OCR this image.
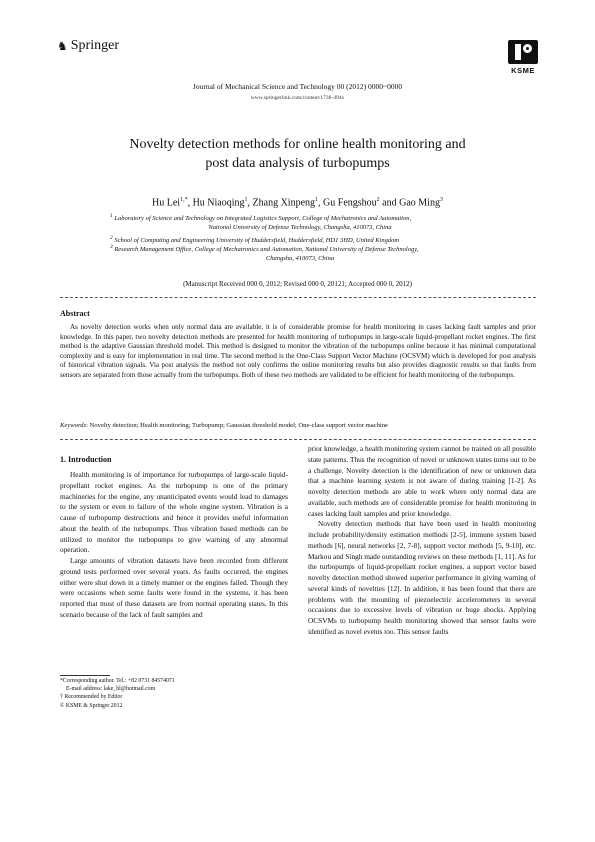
♞ Springer
KSME
Journal of Mechanical Science and Technology 00 (2012) 0000~0000
www.springerlink.com/content/1738-494x
Novelty detection methods for online health monitoring and
post data analysis of turbopumps
Hu Lei$^{1,*}$, Hu Niaoqing$^1$, Zhang Xinpeng$^1$, Gu Fengshou$^2$ and Gao Ming$^3$
$^1$ Laboratory of Science and Technology on Integrated Logistics Support, College of Mechatronics and Automation,
National University of Defense Technology, Changsha, 410073, China
$^2$ School of Computing and Engineering University of Huddersfield, Huddersfield, HD1 3HD, United Kingdom
$^3$ Research Management Office, College of Mechatronics and Automation, National University of Defense Technology,
Changsha, 410073, China
(Manuscript Received 000 0, 2012; Revised 000 0, 20121; Accepted 000 0, 2012)
Abstract
As novelty detection works when only normal data are available, it is of considerable promise for health monitoring in cases lacking fault samples and prior knowledge. In this paper, two novelty detection methods are presented for health monitoring of turbopumps in large-scale liquid-propellant rocket engines. The first method is the adaptive Gaussian threshold model. This method is designed to monitor the vibration of the turbopumps online because it has minimal computational complexity and is easy for implementation in real time. The second method is the One-Class Support Vector Machine (OCSVM) which is developed for post analysis of historical vibration signals. Via post analysis the method not only confirms the online monitoring results but also provides diagnostic results so that faults from sensors are separated from those actually from the turbopumps. Both of these two methods are validated to be efficient for health monitoring of the turbopumps.
Keywords: Novelty detection; Health monitoring; Turbopump; Gaussian threshold model; One-class support vector machine
1. Introduction

Health monitoring is of importance for turbopumps of large-scale liquid-propellant rocket engines. As the turbopump is one of the primary machineries for the engine, any unanticipated events would lead to damages to the system or even to failure of the whole engine system. Vibration is a cause of turbopump destructions and hence it provides useful information about the health of the turbopumps. Thus vibration based methods can be utilized to monitor the turbopumps to give warning of any abnormal operation.

Large amounts of vibration datasets have been recorded from different ground tests performed over several years. As faults occurred, the engines either were shut down in a timely manner or the engines failed. Though they were occasions when some faults were found in the systems, it has been reported that most of these datasets are from normal operating states. In this scenario because of the lack of fault samples and

prior knowledge, a health monitoring system cannot be trained on all possible state patterns. Thus the recognition of novel or unknown states turns out to be a challenge. Novelty detection is the identification of new or unknown data that a machine learning system is not aware of during training [1-2]. As novelty detection methods are able to work where only normal data are available, such methods are of considerable promise for health monitoring in cases lacking fault samples and prior knowledge.

Novelty detection methods that have been used in health monitoring include probability/density estimation methods [2-5], immune system based methods [6], neural networks [2, 7-8], support vector methods [5, 9-10], etc. Markou and Singh made outstanding reviews on these methods [1, 11]. As for the turbopumps of liquid-propellant rocket engines, a support vector based novelty detection method showed superior performance in giving warning of several kinds of novelties [12]. In addition, it has been found that there are problems with the mounting of piezoelectric accelerometers in several occasions due to excessive levels of vibration or huge shocks. Applying OCSVMs to turbopump health monitoring showed that sensor faults were identified as novel events too. This sensor faults

*Corresponding author. Tel.: +82 0731 84574071
E-mail address: lake_hl@hotmail.com
† Recommended by Editor
© KSME & Springer 2012
